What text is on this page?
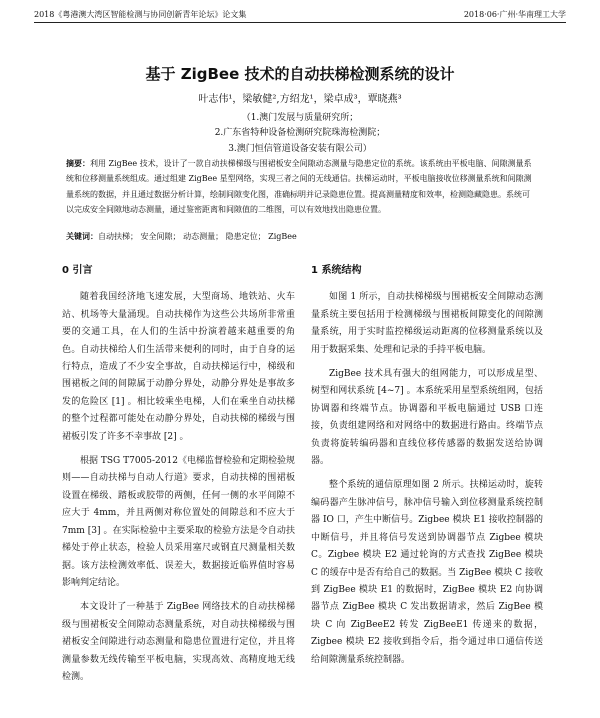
2018《粤港澳大湾区智能检测与协同创新青年论坛》论文集	2018·06·广州·华南理工大学
基于 ZigBee 技术的自动扶梯检测系统的设计
叶志伟¹，梁敏健²,方绍龙¹，梁卓成³，覃晓燕³
（1.澳门发展与质量研究所；
2.广东省特种设备检测研究院珠海检测院；
3.澳门恒信管道设备安装有限公司）
摘要：利用 ZigBee 技术，设计了一款自动扶梯梯级与围裙板安全间隙动态测量与隐患定位的系统。该系统由平板电脑、间隙测量系统和位移测量系统组成。通过组建 ZigBee 星型网络，实现三者之间的无线通信。扶梯运动时，平板电脑接收位移测量系统和间隙测量系统的数据，并且通过数据分析计算，绘制间隙变化图，准确标明并记录隐患位置。提高测量精度和效率，检测隐藏隐患。系统可以完成安全间隙地动态测量，通过鉴密距离和间隙值的二维图，可以有效地找出隐患位置。
关键词：自动扶梯； 安全间隙； 动态测量； 隐患定位； ZigBee
0 引言

随着我国经济地飞速发展，大型商场、地铁站、火车站、机场等大量涌现。自动扶梯作为这些公共场所非常重要的交通工具，在人们的生活中扮演着越来越重要的角色。自动扶梯给人们生活带来便利的同时，由于自身的运行特点，造成了不少安全事故，自动扶梯运行中，梯级和围裙板之间的间隙属于动静分界处，动静分界处是事故多发的危险区 [1] 。相比较乘坐电梯，人们在乘坐自动扶梯的整个过程都可能处在动静分界处，自动扶梯的梯级与围裙板引发了许多不幸事故 [2] 。

根据 TSG T7005-2012《电梯监督检验和定期检验规则——自动扶梯与自动人行道》要求，自动扶梯的围裙板设置在梯级、踏板或胶带的两侧，任何一侧的水平间隙不应大于 4mm，并且两侧对称位置处的间隙总和不应大于 7mm [3] 。在实际检验中主要采取的检验方法是令自动扶梯处于停止状态，检验人员采用塞尺或钢直尺测量相关数据。该方法检测效率低、误差大，数据接近临界值时容易影响判定结论。

本文设计了一种基于 ZigBee 网络技术的自动扶梯梯级与围裙板安全间隙动态测量系统，对自动扶梯梯级与围裙板安全间隙进行动态测量和隐患位置进行定位，并且将测量参数无线传输至平板电脑，实现高效、高精度地无线检测。

1 系统结构

如图 1 所示，自动扶梯梯级与围裙板安全间隙动态测量系统主要包括用于检测梯级与围裙板间隙变化的间隙测量系统，用于实时监控梯级运动距离的位移测量系统以及用于数据采集、处理和记录的手持平板电脑。

ZigBee 技术具有强大的组网能力，可以形成星型、树型和网状系统 [4~7] 。本系统采用星型系统组网，包括协调器和终端节点。协调器和平板电脑通过 USB 口连接，负责组建网络和对网络中的数据进行路由。终端节点负责将旋转编码器和直线位移传感器的数据发送给协调器。

整个系统的通信原理如图 2 所示。扶梯运动时，旋转编码器产生脉冲信号，脉冲信号输入到位移测量系统控制器 IO 口，产生中断信号。Zigbee 模块 E1 接收控制器的中断信号，并且将信号发送到协调器节点 Zigbee 模块 C。Zigbee 模块 E2 通过轮询的方式查找 ZigBee 模块 C 的缓存中是否有给自己的数据。当 ZigBee 模块 C 接收到 ZigBee 模块 E1 的数据时，ZigBee 模块 E2 向协调器节点 ZigBee 模块 C 发出数据请求，然后 ZigBee 模块 C 向 ZigBeeE2 转发 ZigBeeE1 传递来的数据，Zigbee 模块 E2 接收到指令后，指令通过串口通信传送给间隙测量系统控制器。
